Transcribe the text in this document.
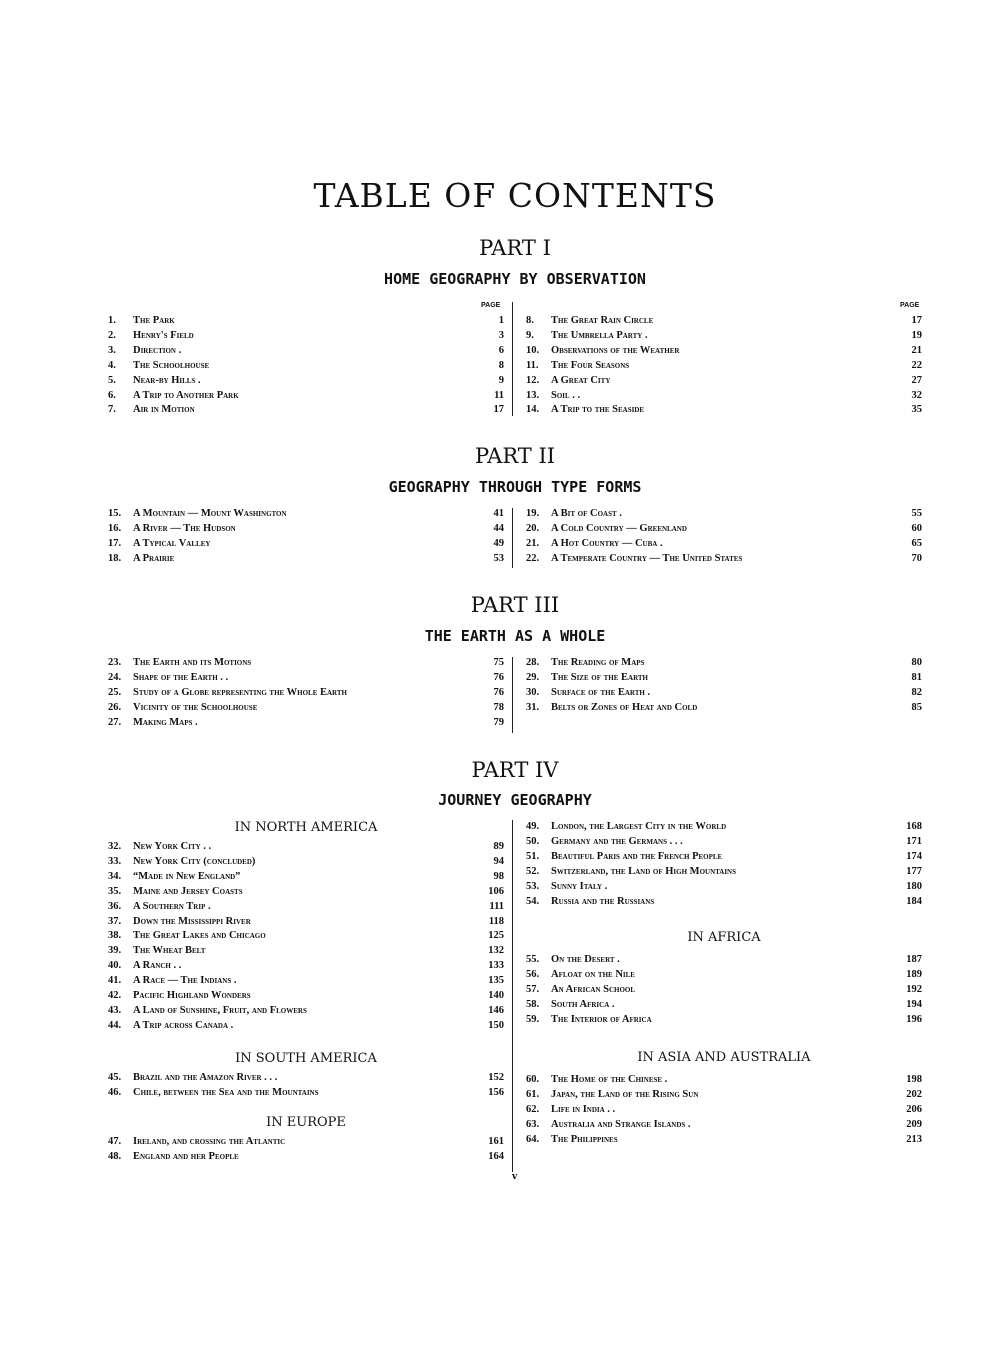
TABLE OF CONTENTS
PART I
HOME GEOGRAPHY BY OBSERVATION
PAGE	PAGE
1. The Park	1
2. Henry's Field	3
3. Direction .	6
4. The Schoolhouse	8
5. Near-by Hills .	9
6. A Trip to Another Park	11
7. Air in Motion	17
8. The Great Rain Circle	17
9. The Umbrella Party .	19
10. Observations of the Weather	21
11. The Four Seasons	22
12. A Great City	27
13. Soil . .	32
14. A Trip to the Seaside	35
PART II
GEOGRAPHY THROUGH TYPE FORMS
15. A Mountain — Mount Washington	41
16. A River — The Hudson	44
17. A Typical Valley	49
18. A Prairie	53
19. A Bit of Coast .	55
20. A Cold Country — Greenland	60
21. A Hot Country — Cuba .	65
22. A Temperate Country — The United States	70
PART III
THE EARTH AS A WHOLE
23. The Earth and its Motions	75
24. Shape of the Earth . .	76
25. Study of a Globe representing the Whole Earth	76
26. Vicinity of the Schoolhouse	78
27. Making Maps .	79
28. The Reading of Maps	80
29. The Size of the Earth	81
30. Surface of the Earth .	82
31. Belts or Zones of Heat and Cold	85
PART IV
JOURNEY GEOGRAPHY
IN NORTH AMERICA
32. New York City . .	89
33. New York City (concluded)	94
34. “Made in New England”	98
35. Maine and Jersey Coasts	106
36. A Southern Trip .	111
37. Down the Mississippi River	118
38. The Great Lakes and Chicago	125
39. The Wheat Belt	132
40. A Ranch . .	133
41. A Race — The Indians .	135
42. Pacific Highland Wonders	140
43. A Land of Sunshine, Fruit, and Flowers	146
44. A Trip across Canada .	150
IN SOUTH AMERICA
45. Brazil and the Amazon River . . .	152
46. Chile, between the Sea and the Mountains	156
IN EUROPE
47. Ireland, and crossing the Atlantic	161
48. England and her People	164
49. London, the Largest City in the World	168
50. Germany and the Germans . . .	171
51. Beautiful Paris and the French People	174
52. Switzerland, the Land of High Mountains	177
53. Sunny Italy .	180
54. Russia and the Russians	184
IN AFRICA
55. On the Desert .	187
56. Afloat on the Nile	189
57. An African School	192
58. South Africa .	194
59. The Interior of Africa	196
IN ASIA AND AUSTRALIA
60. The Home of the Chinese .	198
61. Japan, the Land of the Rising Sun	202
62. Life in India . .	206
63. Australia and Strange Islands .	209
64. The Philippines	213
v
